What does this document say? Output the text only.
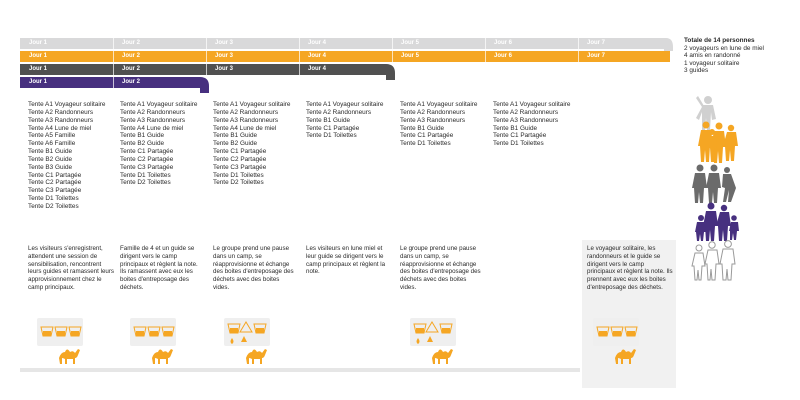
Jour 1	Jour 2	Jour 3	Jour 4	Jour 5	Jour 6	Jour 7
Jour 1	Jour 2	Jour 3	Jour 4	Jour 5	Jour 6	Jour 7
Jour 1	Jour 2	Jour 3	Jour 4
Jour 1	Jour 2
Tente A1 Voyageur solitaire
Tente A2 Randonneurs
Tente A3 Randonneurs
Tente A4 Lune de miel
Tente A5 Famille
Tente A6 Famille
Tente B1 Guide
Tente B2 Guide
Tente B3 Guide
Tente C1 Partagée
Tente C2 Partagée
Tente C3 Partagée
Tente D1 Toilettes
Tente D2 Toilettes
Tente A1 Voyageur solitaire
Tente A2 Randonneurs
Tente A3 Randonneurs
Tente A4 Lune de miel
Tente B1 Guide
Tente B2 Guide
Tente C1 Partagée
Tente C2 Partagée
Tente C3 Partagée
Tente D1 Toilettes
Tente D2 Toilettes
Tente A1 Voyageur solitaire
Tente A2 Randonneurs
Tente A3 Randonneurs
Tente A4 Lune de miel
Tente B1 Guide
Tente B2 Guide
Tente C1 Partagée
Tente C2 Partagée
Tente C3 Partagée
Tente D1 Toilettes
Tente D2 Toilettes
Tente A1 Voyageur solitaire
Tente A2 Randonneurs
Tente B1 Guide
Tente C1 Partagée
Tente D1 Toilettes
Tente A1 Voyageur solitaire
Tente A2 Randonneurs
Tente A3 Randonneurs
Tente B1 Guide
Tente C1 Partagée
Tente D1 Toilettes
Tente A1 Voyageur solitaire
Tente A2 Randonneurs
Tente A3 Randonneurs
Tente B1 Guide
Tente C1 Partagée
Tente D1 Toilettes
Les visiteurs s'enregistrent, attendent une session de sensibilisation, rencontrent leurs guides et ramassent leurs approvisionnement chez le camp principaux.
Famille de 4 et un guide se dirigent vers le camp principaux et règlent la note. Ils ramassent avec eux les boites d'entreposage des déchets.
Le groupe prend une pause dans un camp, se réapprovisionne et échange des boites d'entreposage des déchets avec des boites vides.
Les visiteurs en lune miel et leur guide se dirigent vers le camp principaux et règlent la note.
Le groupe prend une pause dans un camp, se réapprovisionne et échange des boites d'entreposage des déchets avec des boites vides.
Le voyageur solitaire, les randonneurs et le guide se dirigent vers le camp principaux et règlent la note. Ils prennent avec eux les boites d'entreposage des déchets.
Totale de 14 personnes
2 voyageurs en lune de miel
4 amis en randonné
1 voyageur solitaire
3 guides
